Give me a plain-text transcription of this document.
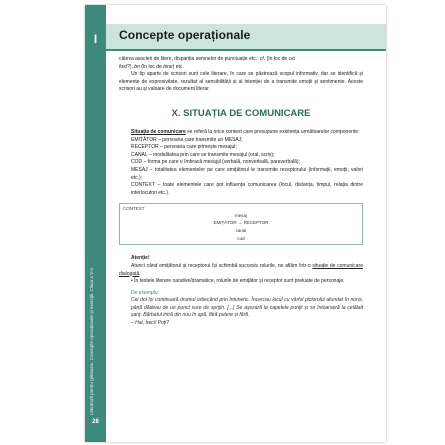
I
Literatură pentru gimnaziu. Concepte operaționale și exerciții. Clasa a V-a
28
Concepte operaționale

câteva asocieri de litere, dispariția semnelor de punctuație etc.: cf. (în loc de cei
fost?), bn (în loc de bine) etc.

Un tip aparte de scrisori sunt cele literare, în care se păstrează scopul informativ, dar se identifică și elemente de expresivitate, rezultat al sensibilității și al intenției de a transmite emoții și sentimente. Aceste scrisori au și valoare de document literar.

X. SITUAȚIA DE COMUNICARE

Situația de comunicare se referă la orice context care presupune existența următoarelor componente:

EMIȚĂTOR – persoana care transmite un MESAJ;

RECEPTOR – persoana care primește mesajul;

CANAL – modalitatea prin care se transmite mesajul (oral, scris);

COD – forma pe care o îmbracă mesajul (verbală, nonverbală, paraverbală);

MESAJ – totalitatea elementelor pe care emițătorul le transmite receptorului (informații, emoții, valori etc.);

CONTEXT – toate elementele care pot influența comunicarea (locul, distanța, timpul, relația dintre interlocutori etc.).

CONTEXT
mesaj
EMIȚĂTOR → RECEPTOR
canal
cod

Atenție!

Atunci când emițătorul și receptorul își schimbă succesiv rolurile, ne aflăm într-o situație de comunicare dialogată.

• În textele literare narative/dramatice, rolurile de emițător și receptor sunt preluate de personaje.

De exemplu:

Cei doi își continuară drumul orbecând prin întuneric. Încercau locul cu vârful piciorului afundat în noroi, până dădeau de un punct sure de sprijin. [...] Se aşezară la capetele punții și se întoarseră la celălalt șanț. Bărbatul intră din nou în apă, fără putere și fără.

– Hai, treci! Poți?
